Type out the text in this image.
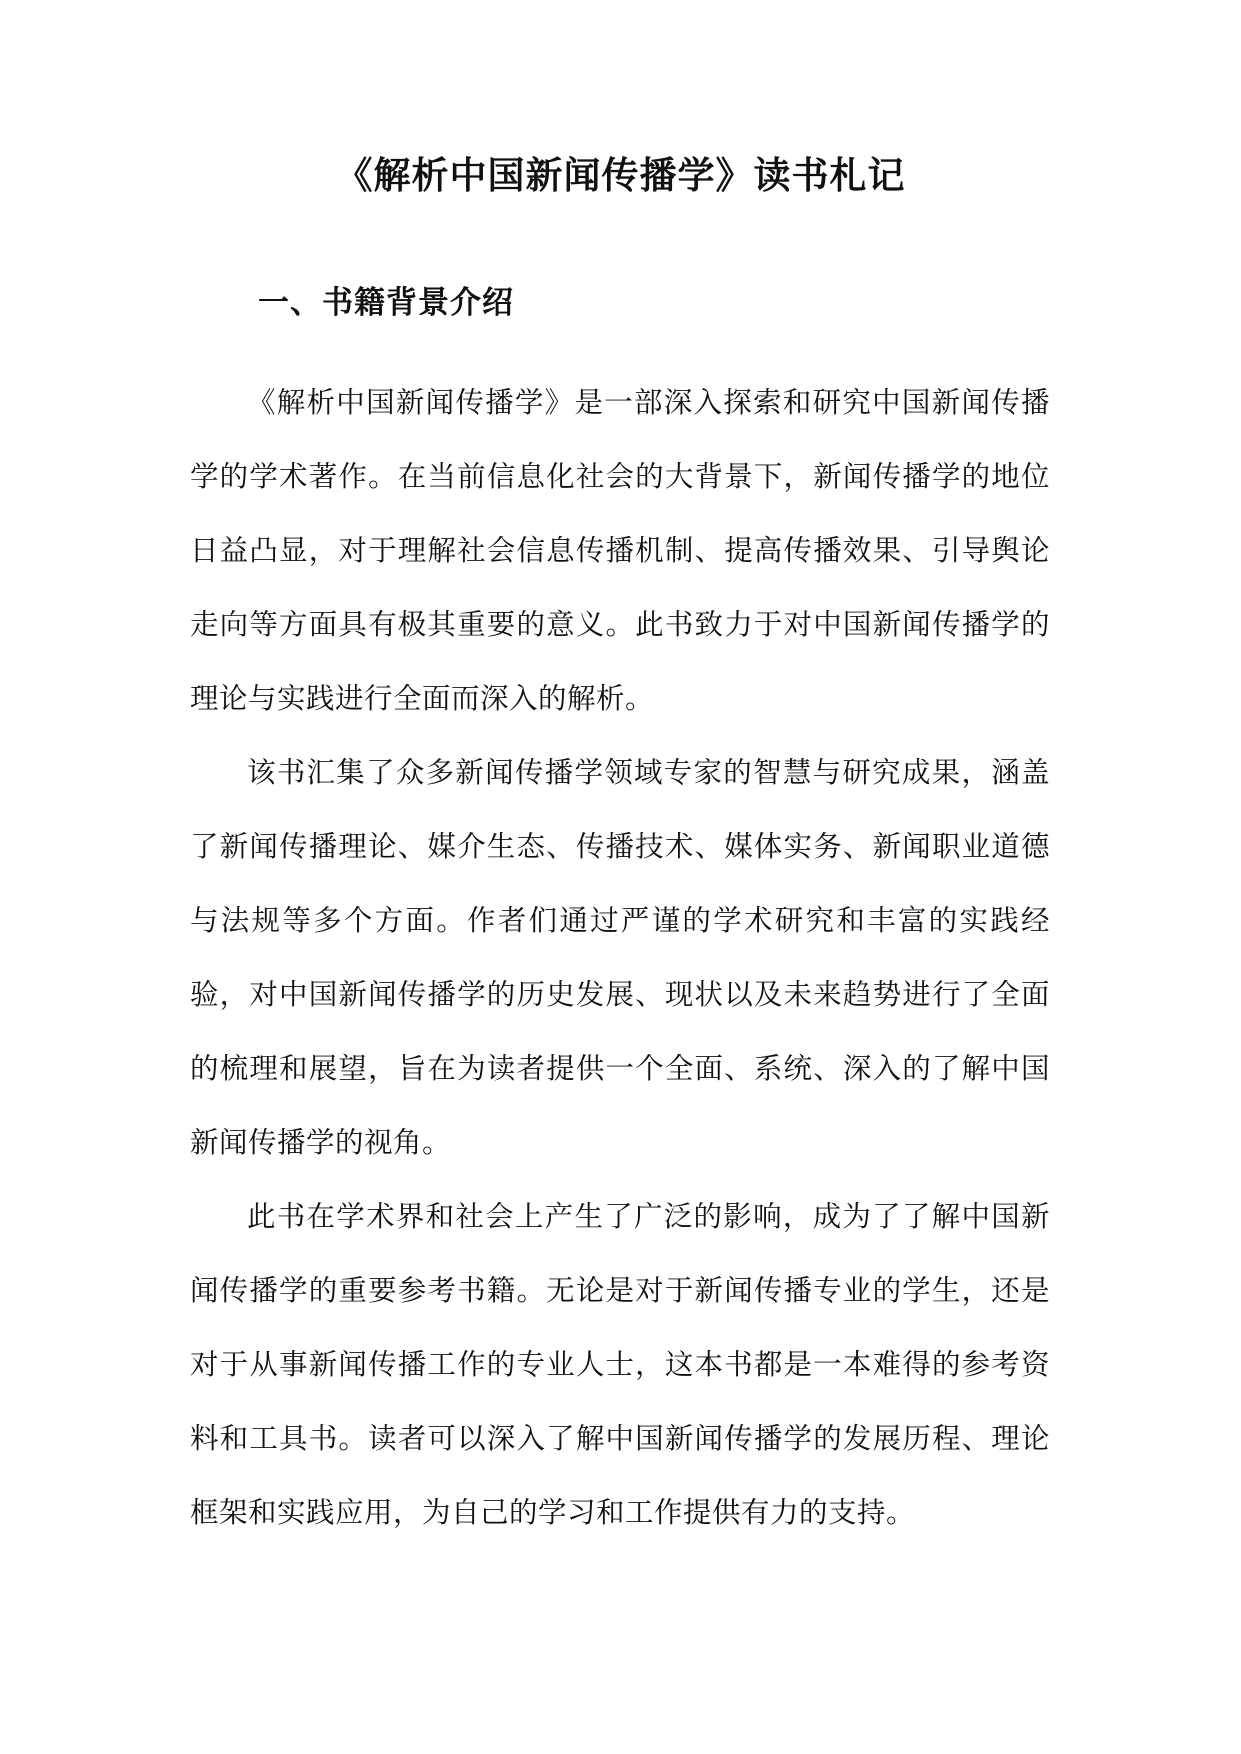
《解析中国新闻传播学》读书札记
一、书籍背景介绍

《解析中国新闻传播学》是一部深入探索和研究中国新闻传播学的学术著作。在当前信息化社会的大背景下，新闻传播学的地位日益凸显，对于理解社会信息传播机制、提高传播效果、引导舆论走向等方面具有极其重要的意义。此书致力于对中国新闻传播学的理论与实践进行全面而深入的解析。

该书汇集了众多新闻传播学领域专家的智慧与研究成果，涵盖了新闻传播理论、媒介生态、传播技术、媒体实务、新闻职业道德与法规等多个方面。作者们通过严谨的学术研究和丰富的实践经验，对中国新闻传播学的历史发展、现状以及未来趋势进行了全面的梳理和展望，旨在为读者提供一个全面、系统、深入的了解中国新闻传播学的视角。

此书在学术界和社会上产生了广泛的影响，成为了了解中国新闻传播学的重要参考书籍。无论是对于新闻传播专业的学生，还是对于从事新闻传播工作的专业人士，这本书都是一本难得的参考资料和工具书。读者可以深入了解中国新闻传播学的发展历程、理论框架和实践应用，为自己的学习和工作提供有力的支持。
